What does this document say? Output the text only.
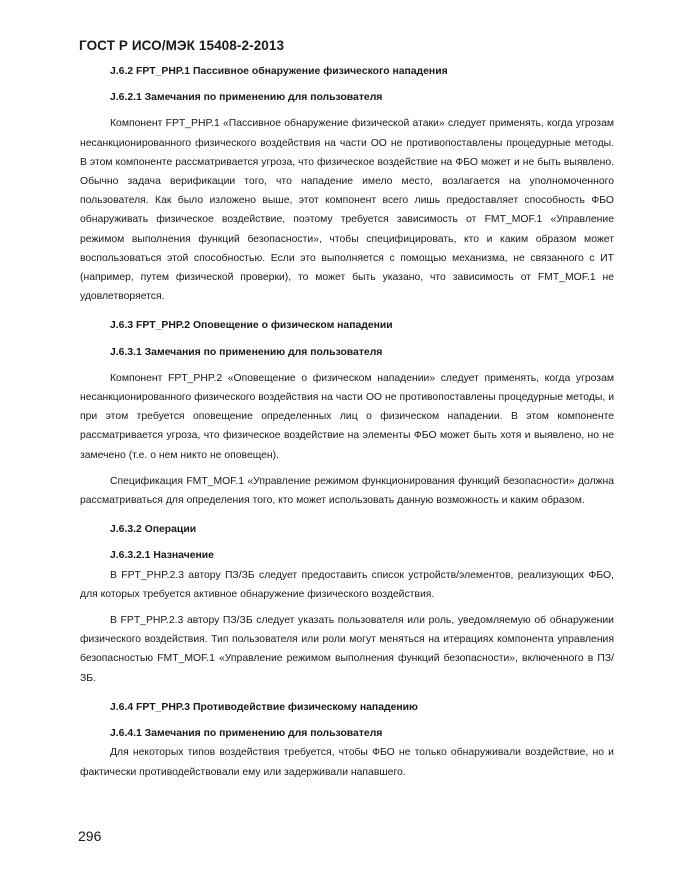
ГОСТ Р ИСО/МЭК 15408-2-2013

J.6.2 FPT_PHP.1 Пассивное обнаружение физического нападения

J.6.2.1 Замечания по применению для пользователя

Компонент FPT_PHP.1 «Пассивное обнаружение физической атаки» следует применять, когда угрозам несанкционированного физического воздействия на части ОО не противопоставлены процедурные методы. В этом компоненте рассматривается угроза, что физическое воздействие на ФБО может и не быть выявлено. Обычно задача верификации того, что нападение имело место, возлагается на уполномоченного пользователя. Как было изложено выше, этот компонент всего лишь предоставляет способность ФБО обнаруживать физическое воздействие, поэтому требуется зависимость от FMT_MOF.1 «Управление режимом выполнения функций безопасности», чтобы специфицировать, кто и каким образом может воспользоваться этой способностью. Если это выполняется с помощью механизма, не связанного с ИТ (например, путем физической проверки), то может быть указано, что зависимость от FMT_MOF.1 не удовлетворяется.

J.6.3 FPT_PHP.2 Оповещение о физическом нападении

J.6.3.1 Замечания по применению для пользователя

Компонент FPT_PHP.2 «Оповещение о физическом нападении» следует применять, когда угрозам несанкционированного физического воздействия на части ОО не противопоставлены процедурные методы, и при этом требуется оповещение определенных лиц о физическом нападении. В этом компоненте рассматривается угроза, что физическое воздействие на элементы ФБО может быть хотя и выявлено, но не замечено (т.е. о нем никто не оповещен).

Спецификация FMT_MOF.1 «Управление режимом функционирования функций безопасности» должна рассматриваться для определения того, кто может использовать данную возможность и каким образом.

J.6.3.2 Операции

J.6.3.2.1 Назначение

В FPT_PHP.2.3 автору ПЗ/ЗБ следует предоставить список устройств/элементов, реализующих ФБО, для которых требуется активное обнаружение физического воздействия.

В FPT_PHP.2.3 автору ПЗ/ЗБ следует указать пользователя или роль, уведомляемую об обнаружении физического воздействия. Тип пользователя или роли могут меняться на итерациях компонента управления безопасностью FMT_MOF.1 «Управление режимом выполнения функций безопасности», включенного в ПЗ/ЗБ.

J.6.4 FPT_PHP.3 Противодействие физическому нападению

J.6.4.1 Замечания по применению для пользователя

Для некоторых типов воздействия требуется, чтобы ФБО не только обнаруживали воздействие, но и фактически противодействовали ему или задерживали напавшего.

296
